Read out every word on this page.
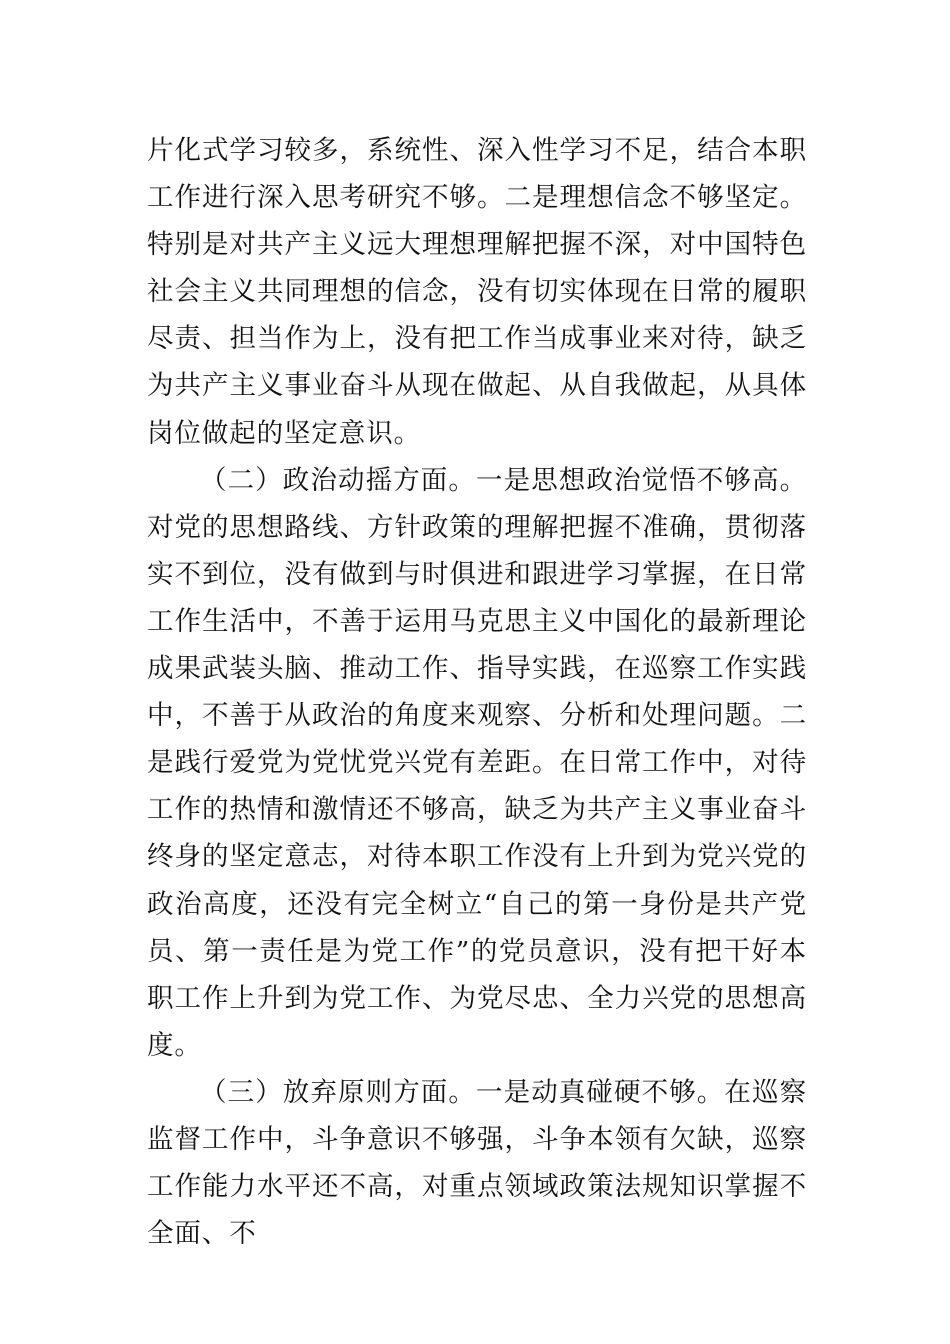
片化式学习较多，系统性、深入性学习不足，结合本职工作进行深入思考研究不够。二是理想信念不够坚定。特别是对共产主义远大理想理解把握不深，对中国特色社会主义共同理想的信念，没有切实体现在日常的履职尽责、担当作为上，没有把工作当成事业来对待，缺乏为共产主义事业奋斗从现在做起、从自我做起，从具体岗位做起的坚定意识。

（二）政治动摇方面。一是思想政治觉悟不够高。对党的思想路线、方针政策的理解把握不准确，贯彻落实不到位，没有做到与时俱进和跟进学习掌握，在日常工作生活中，不善于运用马克思主义中国化的最新理论成果武装头脑、推动工作、指导实践，在巡察工作实践中，不善于从政治的角度来观察、分析和处理问题。二是践行爱党为党忧党兴党有差距。在日常工作中，对待工作的热情和激情还不够高，缺乏为共产主义事业奋斗终身的坚定意志，对待本职工作没有上升到为党兴党的政治高度，还没有完全树立“自己的第一身份是共产党员、第一责任是为党工作”的党员意识，没有把干好本职工作上升到为党工作、为党尽忠、全力兴党的思想高度。

（三）放弃原则方面。一是动真碰硬不够。在巡察监督工作中，斗争意识不够强，斗争本领有欠缺，巡察工作能力水平还不高，对重点领域政策法规知识掌握不全面、不
